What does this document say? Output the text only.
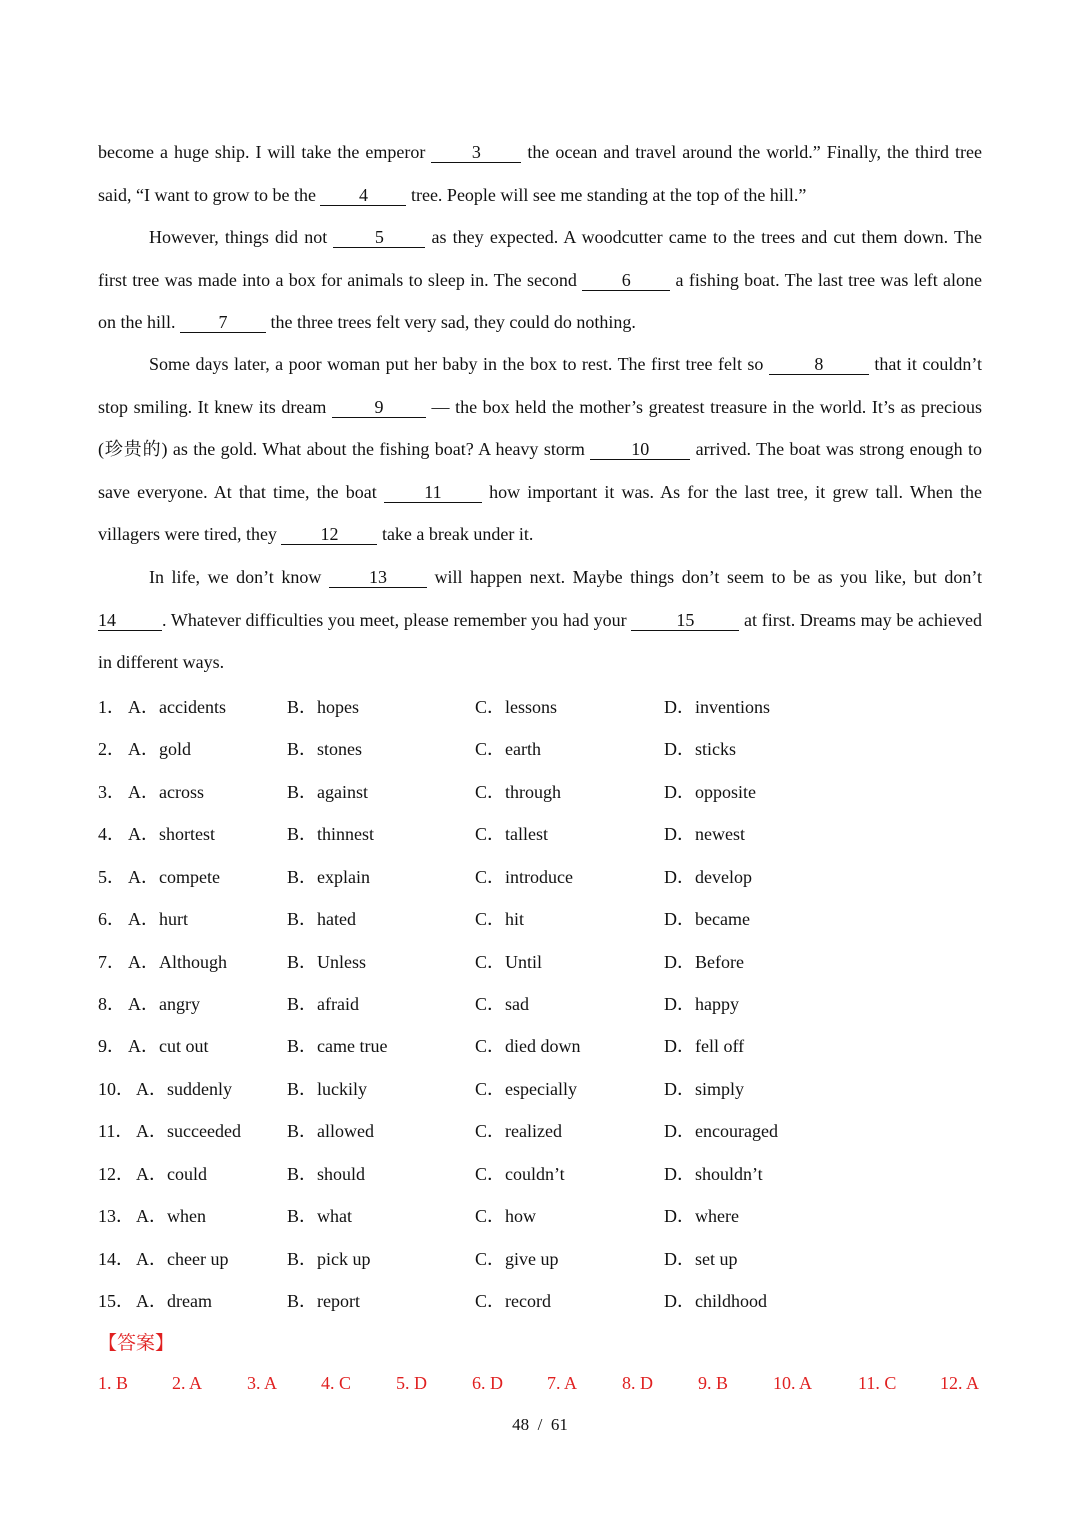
become a huge ship. I will take the emperor 3 the ocean and travel around the world.” Finally, the third tree said, “I want to grow to be the 4 tree. People will see me standing at the top of the hill.”
However, things did not 5 as they expected. A woodcutter came to the trees and cut them down. The first tree was made into a box for animals to sleep in. The second 6 a fishing boat. The last tree was left alone on the hill. 7 the three trees felt very sad, they could do nothing.
Some days later, a poor woman put her baby in the box to rest. The first tree felt so	8	that it couldn’t stop smiling. It knew its dream 9 — the box held the mother’s greatest treasure in the world. It’s as precious (珍贵的) as the gold. What about the fishing boat? A heavy storm 10 arrived. The boat was strong enough to save everyone. At that time, the boat 11 how important it was. As for the last tree, it grew tall. When the villagers were tired, they 12 take a break under it.
In life, we don’t know 13 will happen next. Maybe things don’t seem to be as you like, but don’t 14	. Whatever difficulties you meet, please remember you had your	15	at first. Dreams may be achieved in different ways.
1． A．accidents	B．hopes	C．lessons	D．inventions
2． A．gold	B．stones	C．earth	D．sticks
3． A．across	B．against	C．through	D．opposite
4． A．shortest	B．thinnest	C．tallest	D．newest
5． A．compete	B．explain	C．introduce	D．develop
6． A．hurt	B．hated	C．hit	D．became
7． A．Although	B．Unless	C．Until	D．Before
8． A．angry	B．afraid	C．sad	D．happy
9． A．cut out	B．came true	C．died down	D．fell off
10． A．suddenly	B．luckily	C．especially	D．simply
11． A．succeeded	B．allowed	C．realized	D．encouraged
12． A．could	B．should	C．couldn’t	D．shouldn’t
13． A．when	B．what	C．how	D．where
14． A．cheer up	B．pick up	C．give up	D．set up
15． A．dream	B．report	C．record	D．childhood
【答案】
1. B 2. A 3. A 4. C 5. D	6. D 7. A 8. D	9. B 10. A	11. C 12. A
48 / 61
